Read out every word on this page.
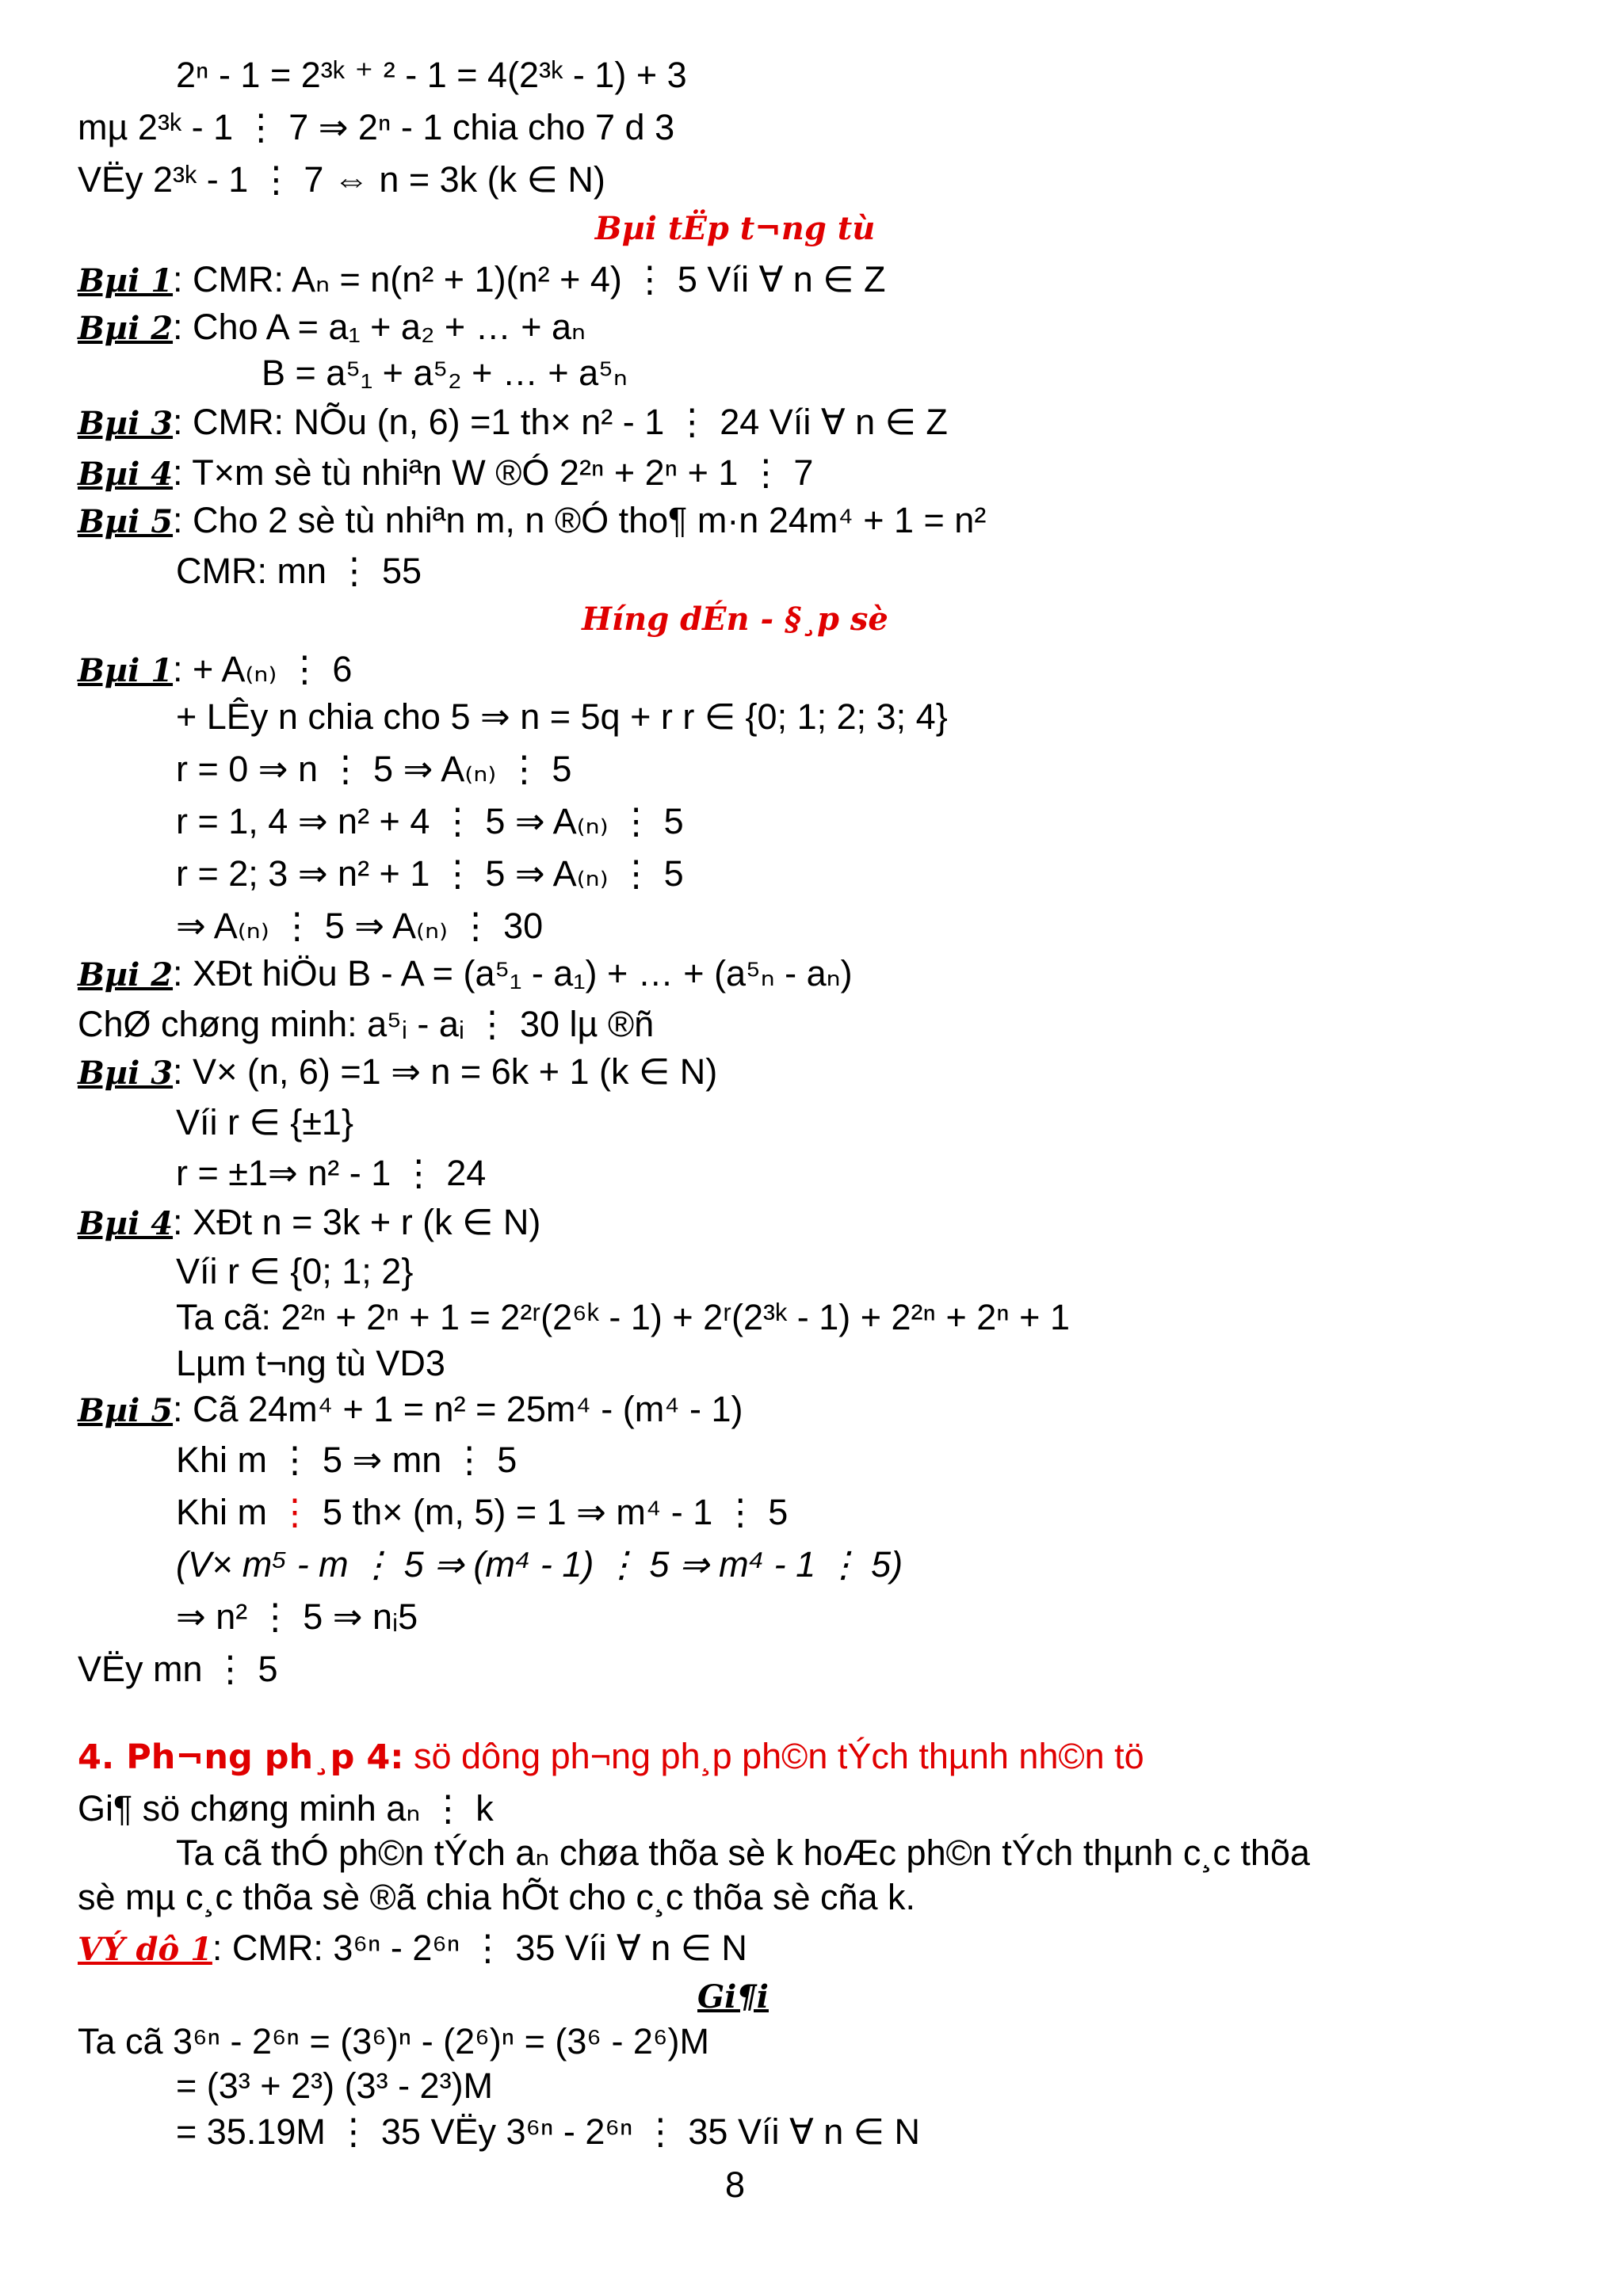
2ⁿ - 1 = 2³ᵏ ⁺ ² - 1 = 4(2³ᵏ - 1) + 3
mµ 2³ᵏ - 1 ⋮ 7 ⇒ 2ⁿ - 1 chia cho 7 d 3
VËy 2³ᵏ - 1 ⋮ 7 ⇔ n = 3k (k ∈ N)
Bµi tËp t¬ng tù
Bµi 1: CMR: Aₙ = n(n² + 1)(n² + 4) ⋮ 5 Víi ∀ n ∈ Z
Bµi 2: Cho A = a₁ + a₂ + … + aₙ
B = a⁵₁ + a⁵₂ + … + a⁵ₙ
Bµi 3: CMR: NÕu (n, 6) =1 th× n² - 1 ⋮ 24 Víi ∀ n ∈ Z
Bµi 4: T×m sè tù nhiªn W ®Ó 2²ⁿ + 2ⁿ + 1 ⋮ 7
Bµi 5: Cho 2 sè tù nhiªn m, n ®Ó tho¶ m·n 24m⁴ + 1 = n²
CMR: mn ⋮ 55
Híng dÉn - §¸p sè
Bµi 1: + A₍ₙ₎ ⋮ 6
+ LÊy n chia cho 5 ⇒ n = 5q + r r ∈ {0; 1; 2; 3; 4}
r = 0 ⇒ n ⋮ 5 ⇒ A₍ₙ₎ ⋮ 5
r = 1, 4 ⇒ n² + 4 ⋮ 5 ⇒ A₍ₙ₎ ⋮ 5
r = 2; 3 ⇒ n² + 1 ⋮ 5 ⇒ A₍ₙ₎ ⋮ 5
⇒ A₍ₙ₎ ⋮ 5 ⇒ A₍ₙ₎ ⋮ 30
Bµi 2: XÐt hiÖu B - A = (a⁵₁ - a₁) + … + (a⁵ₙ - aₙ)
ChØ chøng minh: a⁵ᵢ - aᵢ ⋮ 30 lµ ®ñ
Bµi 3: V× (n, 6) =1 ⇒ n = 6k + 1 (k ∈ N)
Víi r ∈ {±1}
r = ±1⇒ n² - 1 ⋮ 24
Bµi 4: XÐt n = 3k + r (k ∈ N)
Víi r ∈ {0; 1; 2}
Ta cã: 2²ⁿ + 2ⁿ + 1 = 2²ʳ(2⁶ᵏ - 1) + 2ʳ(2³ᵏ - 1) + 2²ⁿ + 2ⁿ + 1
Lµm t¬ng tù VD3
Bµi 5: Cã 24m⁴ + 1 = n² = 25m⁴ - (m⁴ - 1)
Khi m ⋮ 5 ⇒ mn ⋮ 5
Khi m ⋮ 5 th× (m, 5) = 1 ⇒ m⁴ - 1 ⋮ 5
(V× m⁵ - m ⋮ 5 ⇒ (m⁴ - 1) ⋮ 5 ⇒ m⁴ - 1 ⋮ 5)
⇒ n² ⋮ 5 ⇒ nᵢ5
VËy mn ⋮ 5
4. Ph¬ng ph¸p 4: sö dông ph¬ng ph¸p ph©n tÝch thµnh nh©n tö
Gi¶ sö chøng minh aₙ ⋮ k
Ta cã thÓ ph©n tÝch aₙ chøa thõa sè k hoÆc ph©n tÝch thµnh c¸c thõa
sè mµ c¸c thõa sè ®ã chia hÕt cho c¸c thõa sè cña k.
VÝ dô 1: CMR: 3⁶ⁿ - 2⁶ⁿ ⋮ 35 Víi ∀ n ∈ N
Gi¶i
Ta cã 3⁶ⁿ - 2⁶ⁿ = (3⁶)ⁿ - (2⁶)ⁿ = (3⁶ - 2⁶)M
= (3³ + 2³) (3³ - 2³)M
= 35.19M ⋮ 35 VËy 3⁶ⁿ - 2⁶ⁿ ⋮ 35 Víi ∀ n ∈ N
8
